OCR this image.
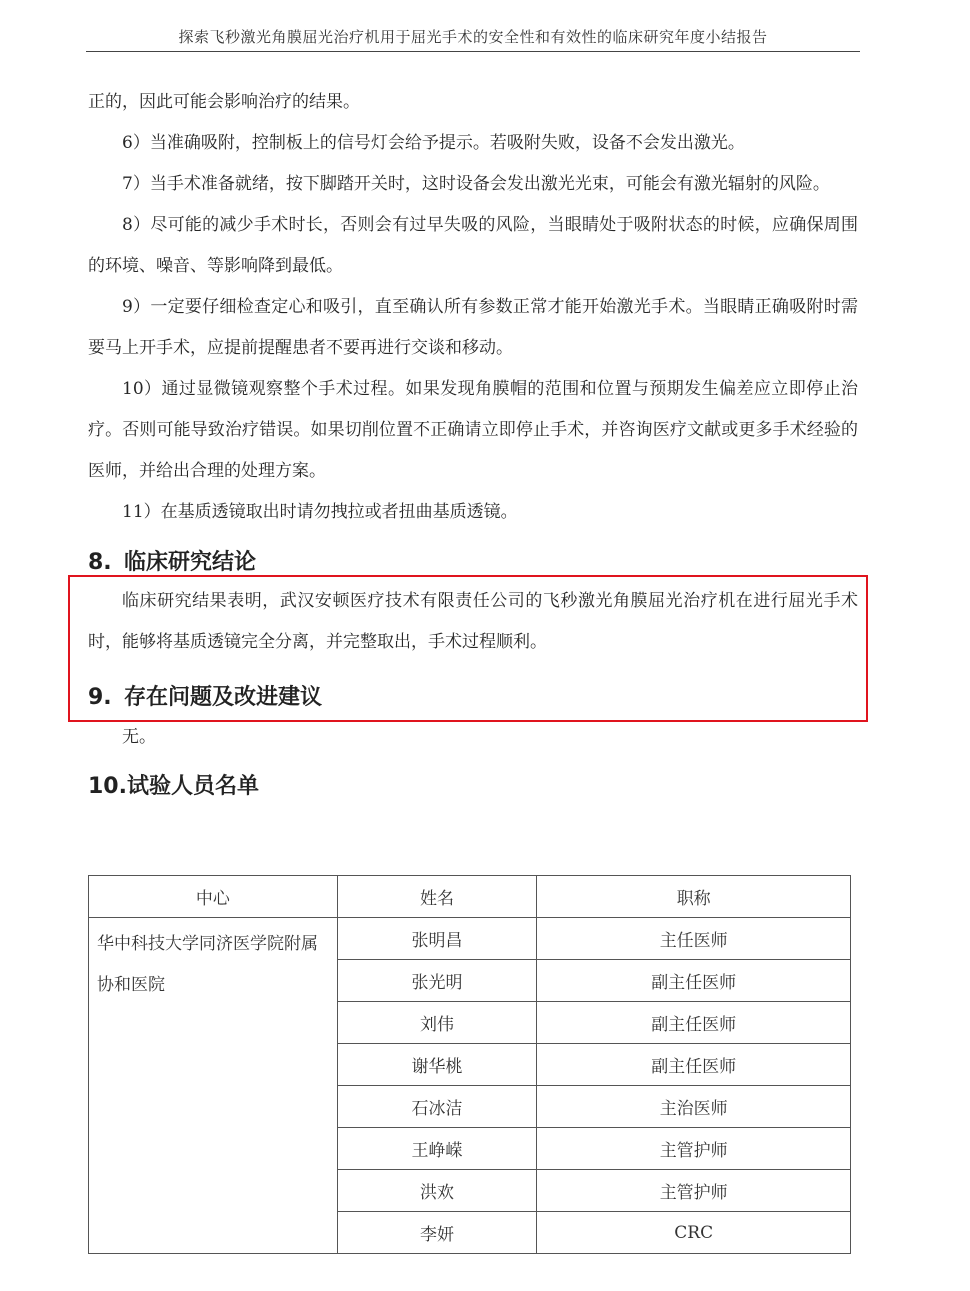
探索飞秒激光角膜屈光治疗机用于屈光手术的安全性和有效性的临床研究年度小结报告

正的，因此可能会影响治疗的结果。

6）当准确吸附，控制板上的信号灯会给予提示。若吸附失败，设备不会发出激光。

7）当手术准备就绪，按下脚踏开关时，这时设备会发出激光光束，可能会有激光辐射的风险。

8）尽可能的减少手术时长，否则会有过早失吸的风险，当眼睛处于吸附状态的时候，应确保周围的环境、噪音、等影响降到最低。

9）一定要仔细检查定心和吸引，直至确认所有参数正常才能开始激光手术。当眼睛正确吸附时需要马上开手术，应提前提醒患者不要再进行交谈和移动。

10）通过显微镜观察整个手术过程。如果发现角膜帽的范围和位置与预期发生偏差应立即停止治疗。否则可能导致治疗错误。如果切削位置不正确请立即停止手术，并咨询医疗文献或更多手术经验的医师，并给出合理的处理方案。

11）在基质透镜取出时请勿拽拉或者扭曲基质透镜。

8. 临床研究结论

临床研究结果表明，武汉安顿医疗技术有限责任公司的飞秒激光角膜屈光治疗机在进行屈光手术时，能够将基质透镜完全分离，并完整取出，手术过程顺利。

9. 存在问题及改进建议

无。

10.试验人员名单
中心	姓名	职称
华中科技大学同济医学院附属协和医院	张明昌	主任医师
	张光明	副主任医师
	刘伟	副主任医师
	谢华桃	副主任医师
	石冰洁	主治医师
	王峥嵘	主管护师
	洪欢	主管护师
	李妍	CRC
